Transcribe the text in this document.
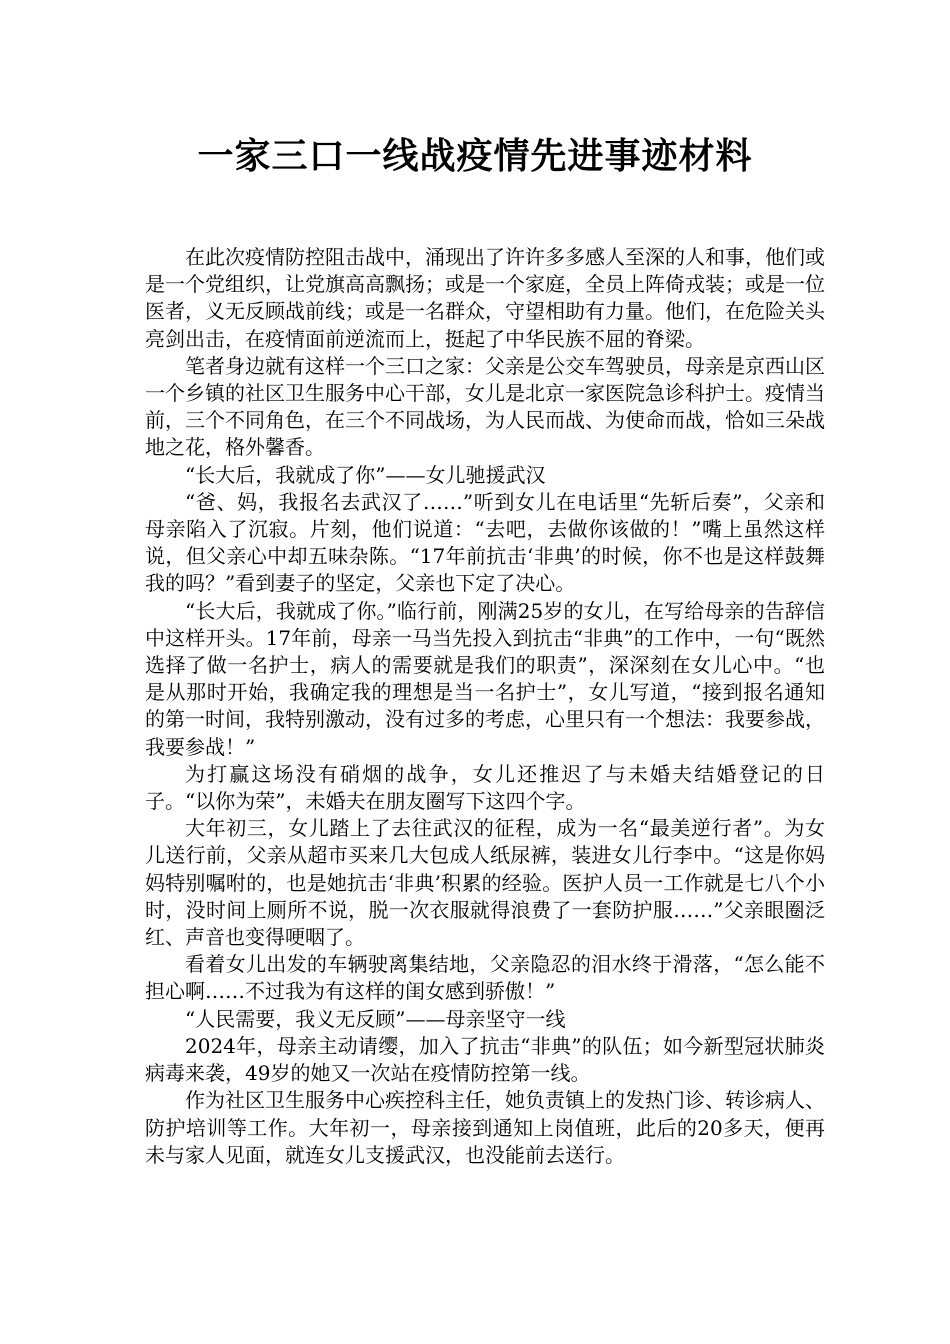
一家三口一线战疫情先进事迹材料

在此次疫情防控阻击战中，涌现出了许许多多感人至深的人和事，他们或是一个党组织，让党旗高高飘扬；或是一个家庭，全员上阵倚戎装；或是一位医者，义无反顾战前线；或是一名群众，守望相助有力量。他们，在危险关头亮剑出击，在疫情面前逆流而上，挺起了中华民族不屈的脊梁。

笔者身边就有这样一个三口之家：父亲是公交车驾驶员，母亲是京西山区一个乡镇的社区卫生服务中心干部，女儿是北京一家医院急诊科护士。疫情当前，三个不同角色，在三个不同战场，为人民而战、为使命而战，恰如三朵战地之花，格外馨香。

“长大后，我就成了你”——女儿驰援武汉

“爸、妈，我报名去武汉了……”听到女儿在电话里“先斩后奏”，父亲和母亲陷入了沉寂。片刻，他们说道：“去吧，去做你该做的！”嘴上虽然这样说，但父亲心中却五味杂陈。“17年前抗击‘非典’的时候，你不也是这样鼓舞我的吗？”看到妻子的坚定，父亲也下定了决心。

“长大后，我就成了你。”临行前，刚满25岁的女儿，在写给母亲的告辞信中这样开头。17年前，母亲一马当先投入到抗击“非典”的工作中，一句“既然选择了做一名护士，病人的需要就是我们的职责”，深深刻在女儿心中。“也是从那时开始，我确定我的理想是当一名护士”，女儿写道，“接到报名通知的第一时间，我特别激动，没有过多的考虑，心里只有一个想法：我要参战，我要参战！”

为打赢这场没有硝烟的战争，女儿还推迟了与未婚夫结婚登记的日子。“以你为荣”，未婚夫在朋友圈写下这四个字。

大年初三，女儿踏上了去往武汉的征程，成为一名“最美逆行者”。为女儿送行前，父亲从超市买来几大包成人纸尿裤，装进女儿行李中。“这是你妈妈特别嘱咐的，也是她抗击‘非典’积累的经验。医护人员一工作就是七八个小时，没时间上厕所不说，脱一次衣服就得浪费了一套防护服……”父亲眼圈泛红、声音也变得哽咽了。

看着女儿出发的车辆驶离集结地，父亲隐忍的泪水终于滑落，“怎么能不担心啊……不过我为有这样的闺女感到骄傲！”

“人民需要，我义无反顾”——母亲坚守一线

2024年，母亲主动请缨，加入了抗击“非典”的队伍；如今新型冠状肺炎病毒来袭，49岁的她又一次站在疫情防控第一线。

作为社区卫生服务中心疾控科主任，她负责镇上的发热门诊、转诊病人、防护培训等工作。大年初一，母亲接到通知上岗值班，此后的20多天，便再未与家人见面，就连女儿支援武汉，也没能前去送行。
